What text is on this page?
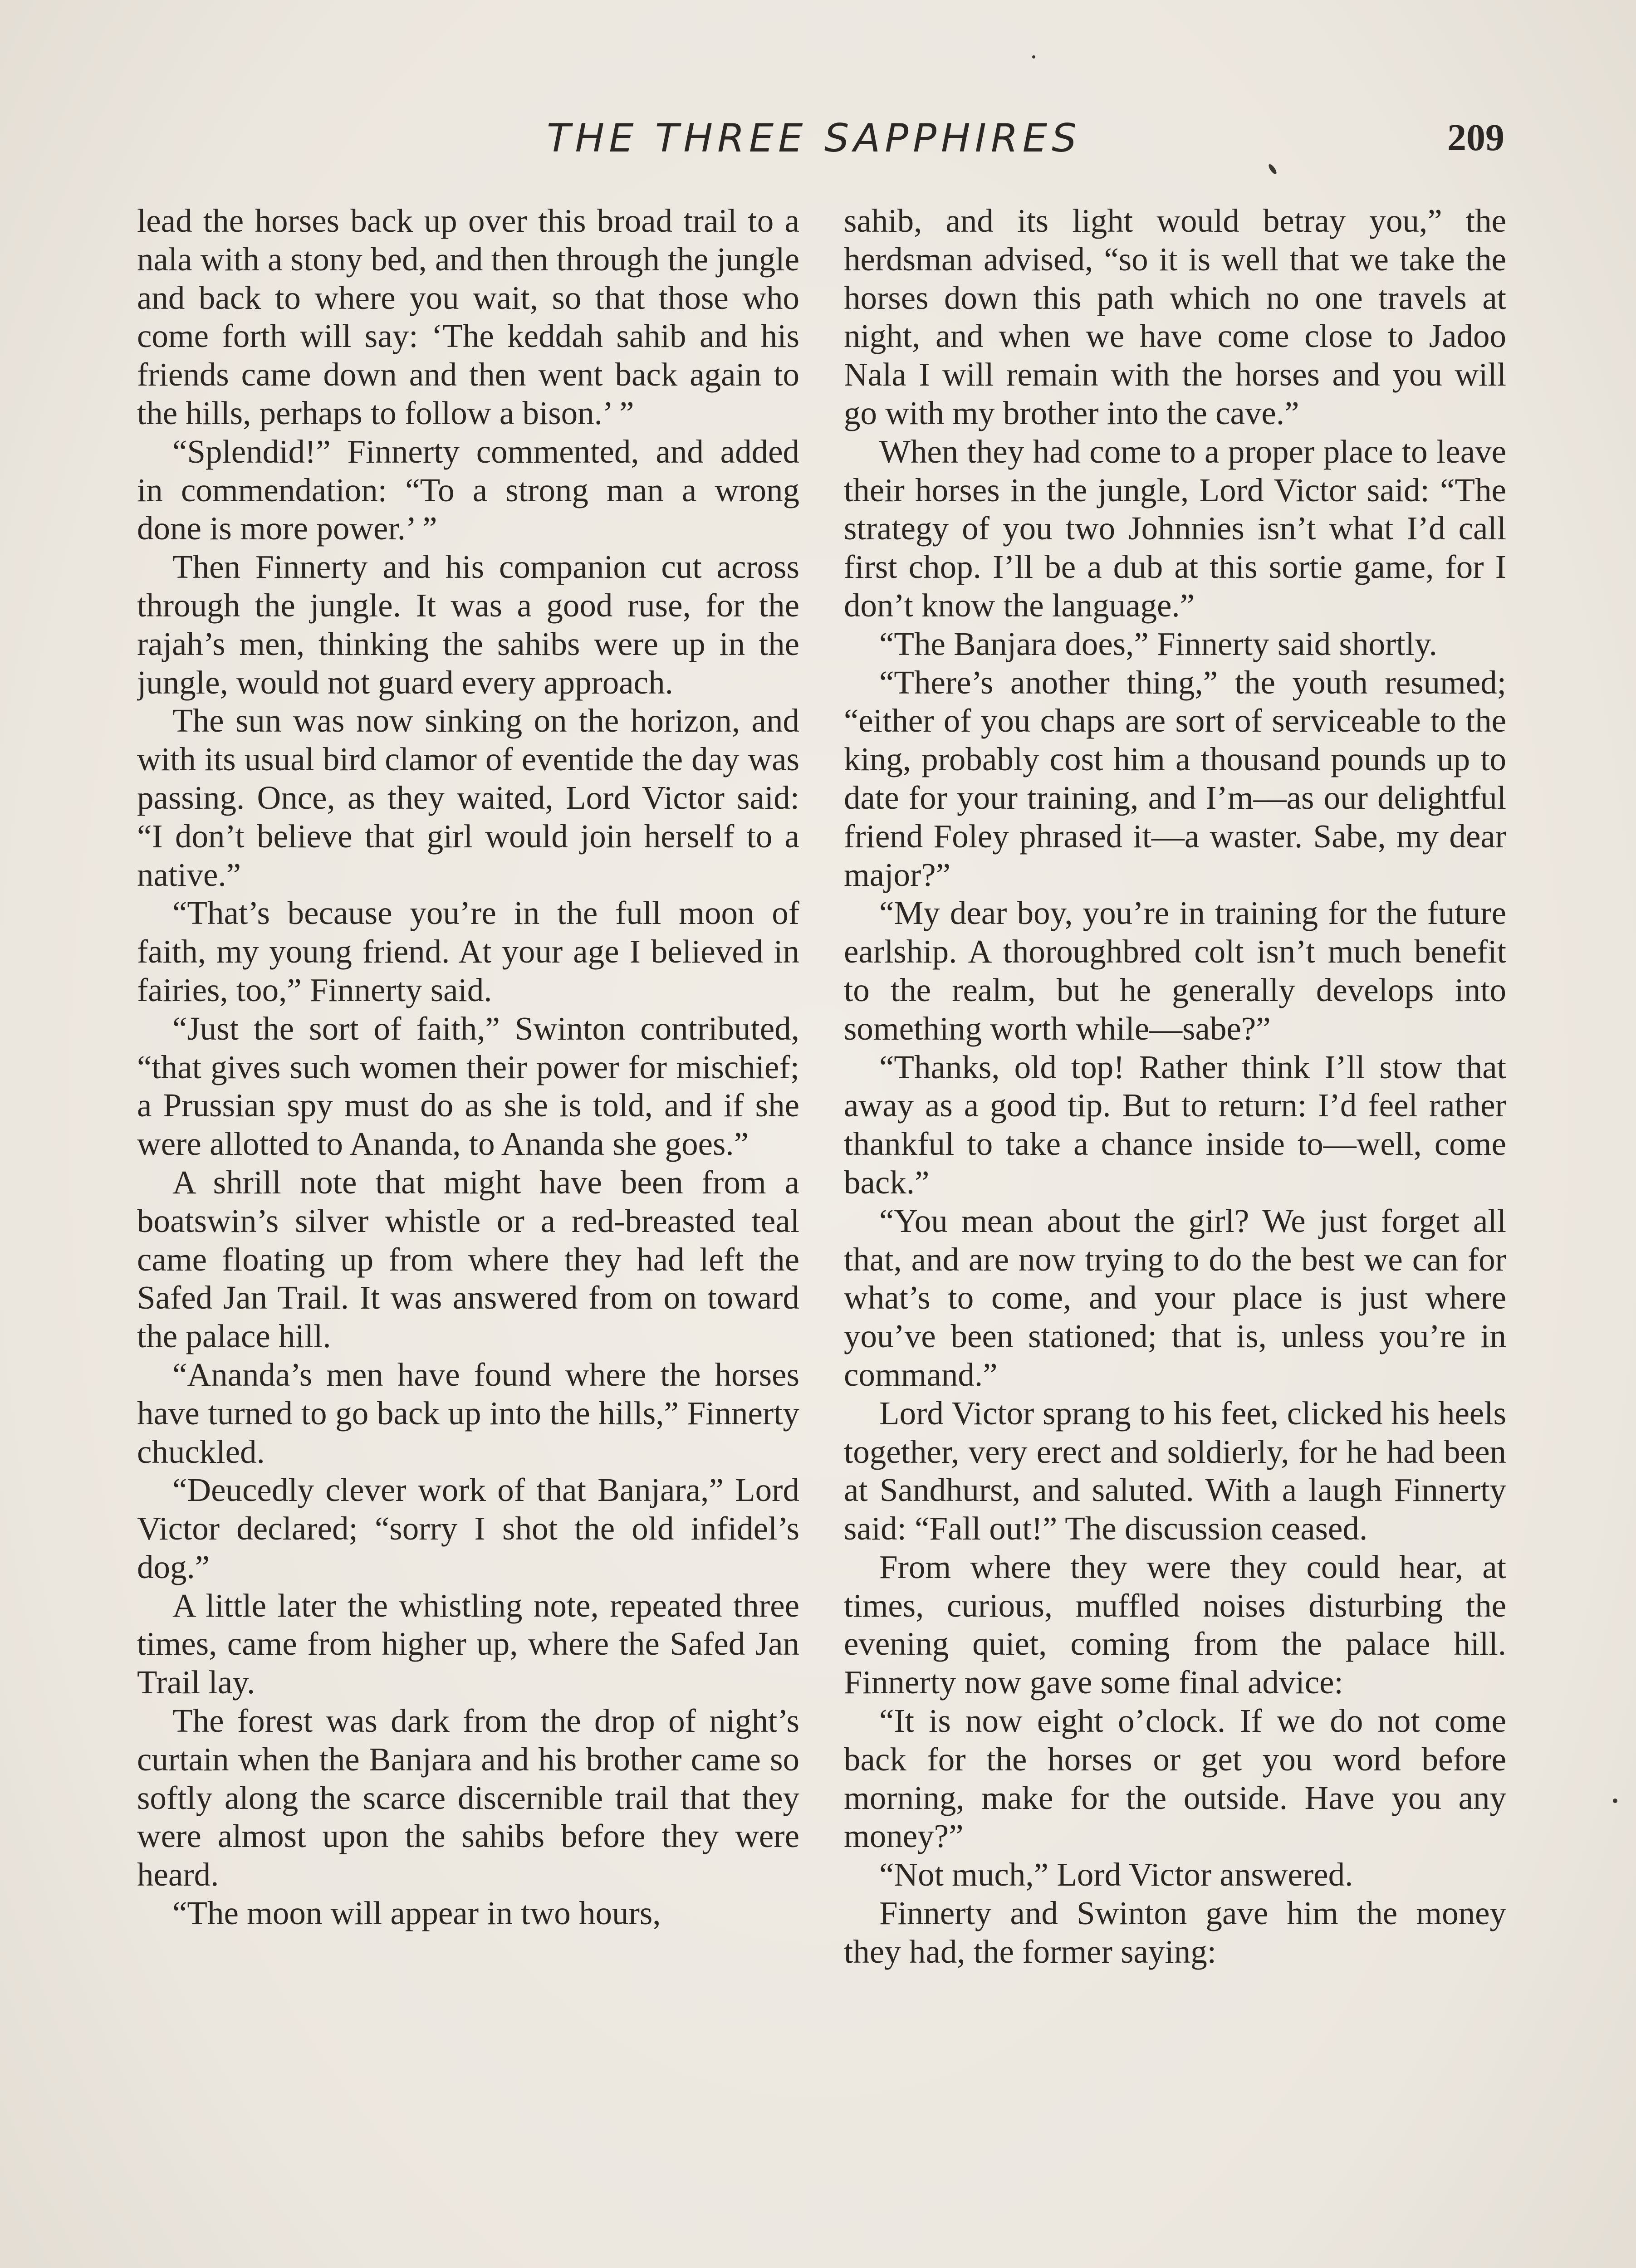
THE THREE SAPPHIRES	209

lead the horses back up over this broad trail to a nala with a stony bed, and then through the jungle and back to where you wait, so that those who come forth will say: ‘The keddah sahib and his friends came down and then went back again to the hills, perhaps to follow a bison.’ ”

“Splendid!” Finnerty commented, and added in commendation: “To a strong man a wrong done is more power.’ ”

Then Finnerty and his companion cut across through the jungle. It was a good ruse, for the rajah’s men, thinking the sahibs were up in the jungle, would not guard every approach.

The sun was now sinking on the horizon, and with its usual bird clamor of eventide the day was passing. Once, as they waited, Lord Victor said: “I don’t believe that girl would join herself to a native.”

“That’s because you’re in the full moon of faith, my young friend. At your age I believed in fairies, too,” Finnerty said.

“Just the sort of faith,” Swinton contributed, “that gives such women their power for mischief; a Prussian spy must do as she is told, and if she were allotted to Ananda, to Ananda she goes.”

A shrill note that might have been from a boatswin’s silver whistle or a red-breasted teal came floating up from where they had left the Safed Jan Trail. It was answered from on toward the palace hill.

“Ananda’s men have found where the horses have turned to go back up into the hills,” Finnerty chuckled.

“Deucedly clever work of that Banjara,” Lord Victor declared; “sorry I shot the old infidel’s dog.”

A little later the whistling note, repeated three times, came from higher up, where the Safed Jan Trail lay.

The forest was dark from the drop of night’s curtain when the Banjara and his brother came so softly along the scarce discernible trail that they were almost upon the sahibs before they were heard.

“The moon will appear in two hours,

sahib, and its light would betray you,” the herdsman advised, “so it is well that we take the horses down this path which no one travels at night, and when we have come close to Jadoo Nala I will remain with the horses and you will go with my brother into the cave.”

When they had come to a proper place to leave their horses in the jungle, Lord Victor said: “The strategy of you two Johnnies isn’t what I’d call first chop. I’ll be a dub at this sortie game, for I don’t know the language.”

“The Banjara does,” Finnerty said shortly.

“There’s another thing,” the youth resumed; “either of you chaps are sort of serviceable to the king, probably cost him a thousand pounds up to date for your training, and I’m—as our delightful friend Foley phrased it—a waster. Sabe, my dear major?”

“My dear boy, you’re in training for the future earlship. A thoroughbred colt isn’t much benefit to the realm, but he generally develops into something worth while—sabe?”

“Thanks, old top! Rather think I’ll stow that away as a good tip. But to return: I’d feel rather thankful to take a chance inside to—well, come back.”

“You mean about the girl? We just forget all that, and are now trying to do the best we can for what’s to come, and your place is just where you’ve been stationed; that is, unless you’re in command.”

Lord Victor sprang to his feet, clicked his heels together, very erect and soldierly, for he had been at Sandhurst, and saluted. With a laugh Finnerty said: “Fall out!” The discussion ceased.

From where they were they could hear, at times, curious, muffled noises disturbing the evening quiet, coming from the palace hill. Finnerty now gave some final advice:

“It is now eight o’clock. If we do not come back for the horses or get you word before morning, make for the outside. Have you any money?”

“Not much,” Lord Victor answered.

Finnerty and Swinton gave him the money they had, the former saying:
